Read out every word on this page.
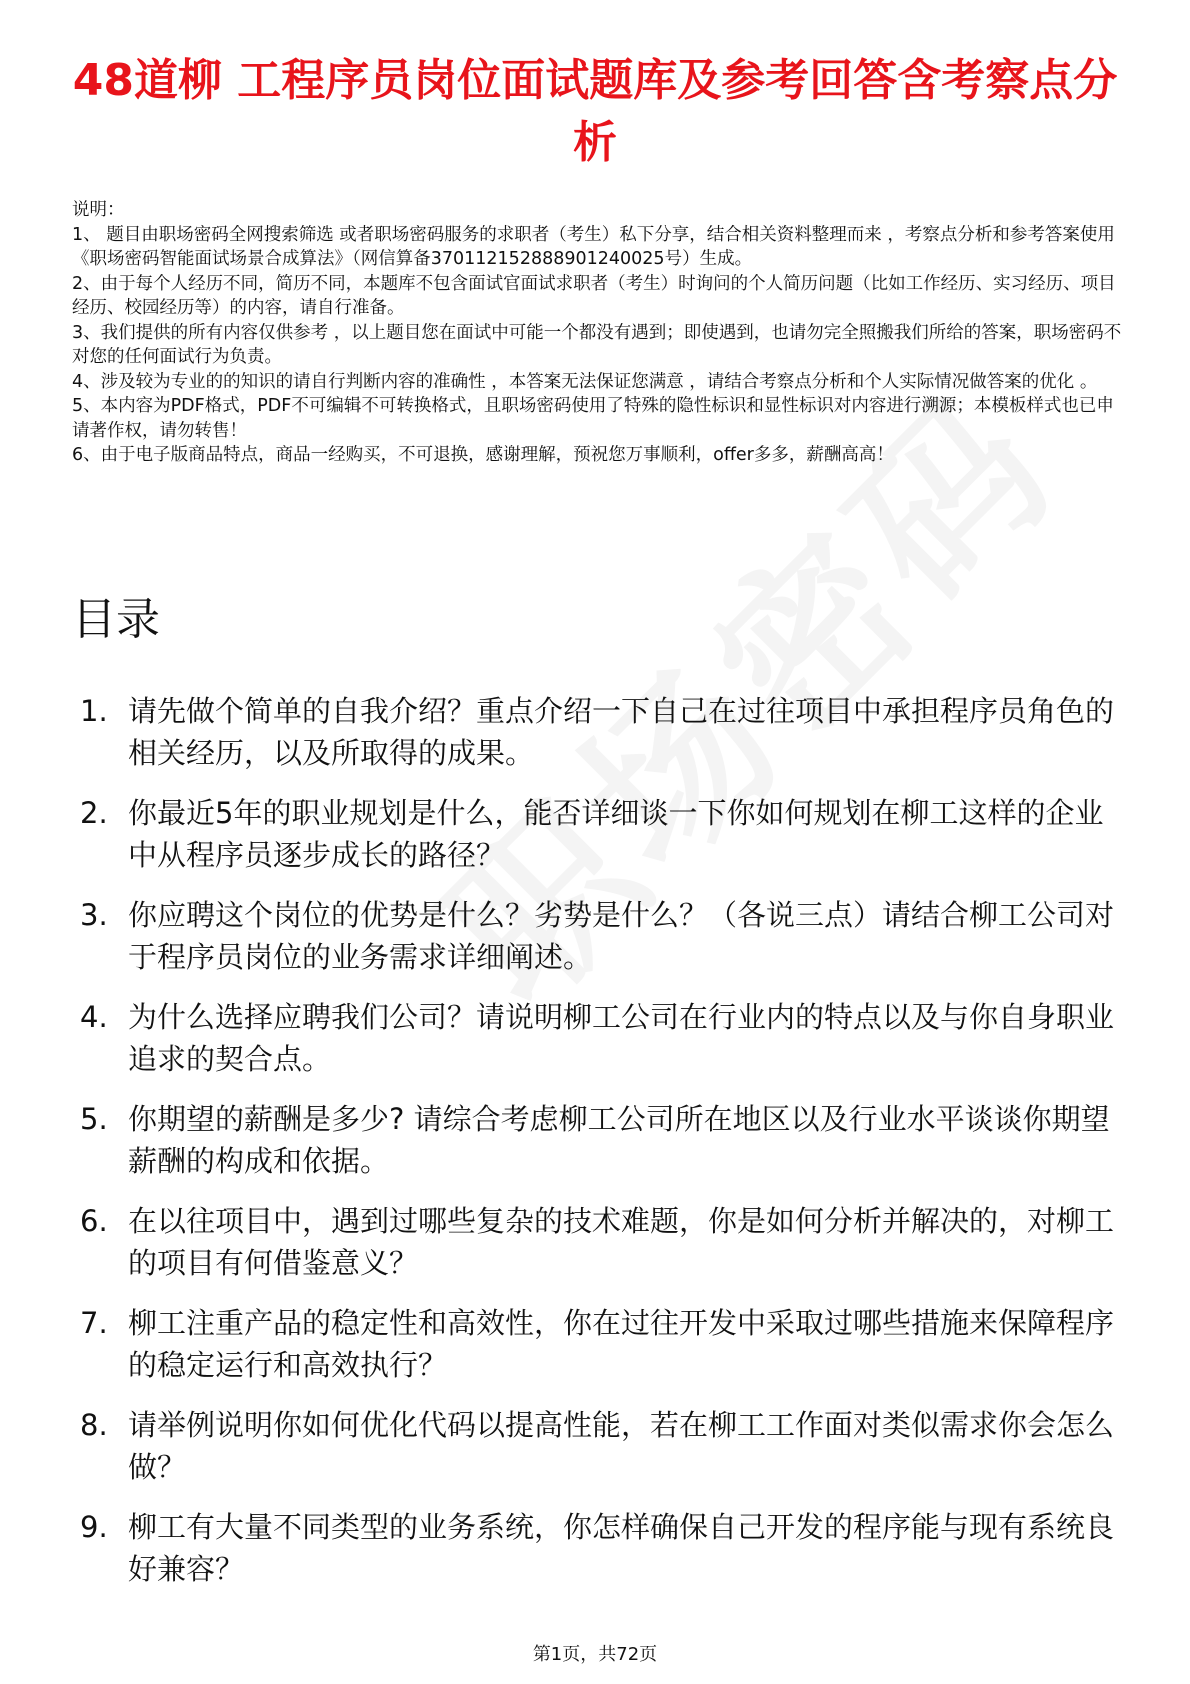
48道柳 工程序员岗位面试题库及参考回答含考察点分析
说明：
1、 题目由职场密码全网搜索筛选 或者职场密码服务的求职者（考生）私下分享，结合相关资料整理而来 ，考察点分析和参考答案使用《职场密码智能面试场景合成算法》（网信算备370112152888901240025号）生成。
2、由于每个人经历不同，简历不同，本题库不包含面试官面试求职者（考生）时询问的个人简历问题（比如工作经历、实习经历、项目经历、校园经历等）的内容，请自行准备。
3、我们提供的所有内容仅供参考 ，以上题目您在面试中可能一个都没有遇到；即使遇到，也请勿完全照搬我们所给的答案，职场密码不对您的任何面试行为负责。
4、涉及较为专业的的知识的请自行判断内容的准确性 ，本答案无法保证您满意 ，请结合考察点分析和个人实际情况做答案的优化 。
5、本内容为PDF格式，PDF不可编辑不可转换格式，且职场密码使用了特殊的隐性标识和显性标识对内容进行溯源；本模板样式也已申请著作权，请勿转售！
6、由于电子版商品特点，商品一经购买，不可退换，感谢理解，预祝您万事顺利，offer多多，薪酬高高！
目录
1. 请先做个简单的自我介绍？重点介绍一下自己在过往项目中承担程序员角色的相关经历，以及所取得的成果。
2. 你最近5年的职业规划是什么，能否详细谈一下你如何规划在柳工这样的企业中从程序员逐步成长的路径？
3. 你应聘这个岗位的优势是什么？劣势是什么？（各说三点）请结合柳工公司对于程序员岗位的业务需求详细阐述。
4. 为什么选择应聘我们公司？请说明柳工公司在行业内的特点以及与你自身职业追求的契合点。
5. 你期望的薪酬是多少? 请综合考虑柳工公司所在地区以及行业水平谈谈你期望薪酬的构成和依据。
6. 在以往项目中，遇到过哪些复杂的技术难题，你是如何分析并解决的，对柳工的项目有何借鉴意义？
7. 柳工注重产品的稳定性和高效性，你在过往开发中采取过哪些措施来保障程序的稳定运行和高效执行？
8. 请举例说明你如何优化代码以提高性能，若在柳工工作面对类似需求你会怎么做？
9. 柳工有大量不同类型的业务系统，你怎样确保自己开发的程序能与现有系统良好兼容？
第1页，共72页
